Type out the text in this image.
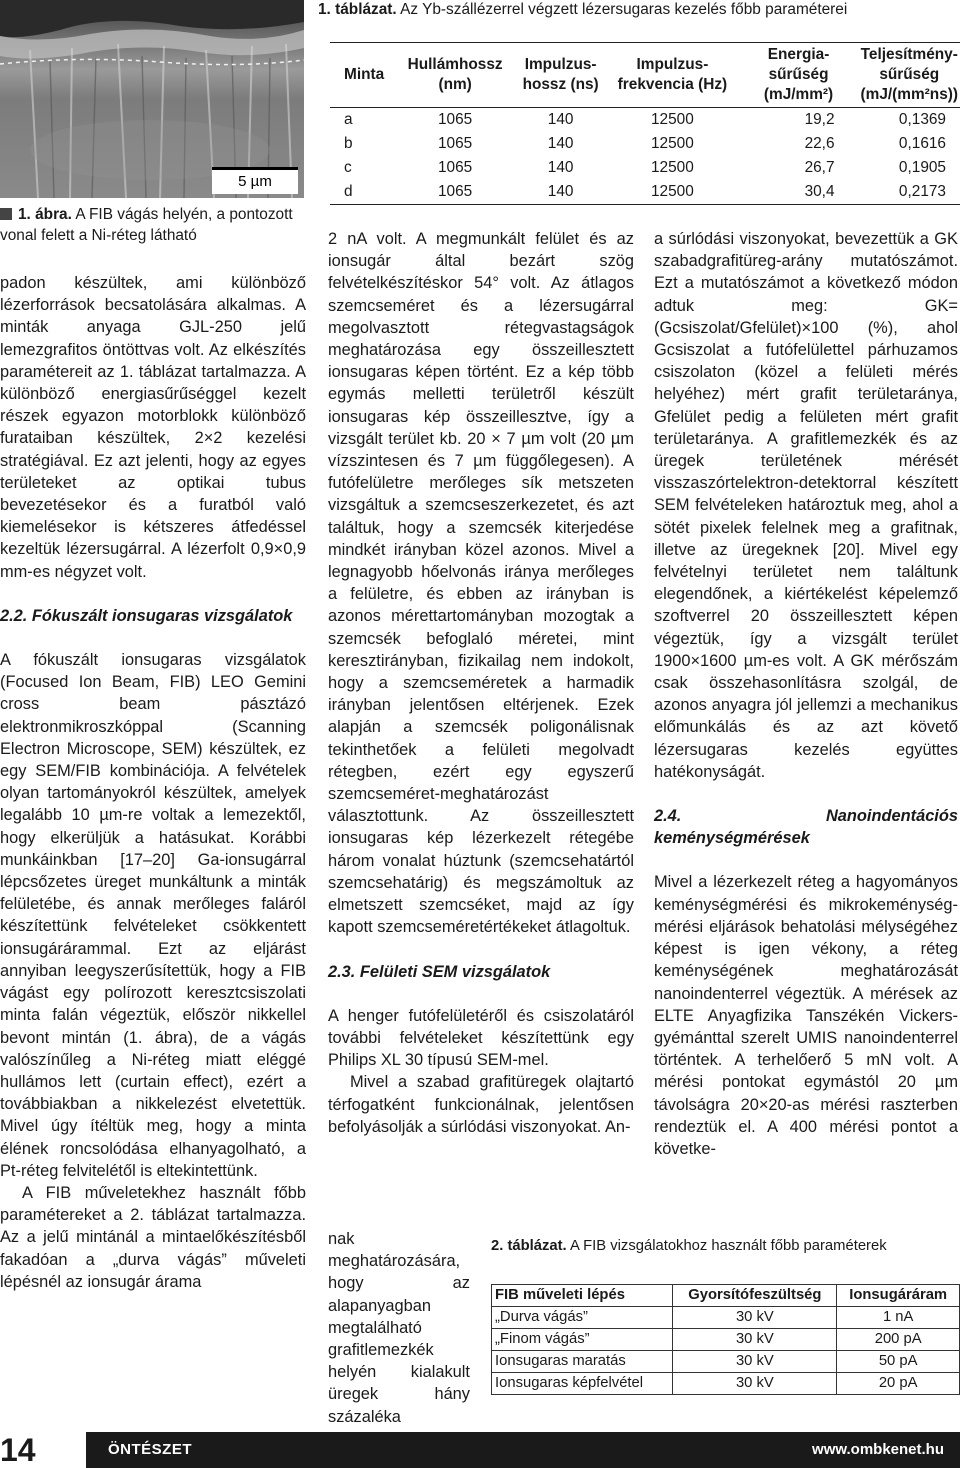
5 µm
1. ábra. A FIB vágás helyén, a pontozott vonal felett a Ni-réteg látható
1. táblázat. Az Yb-szállézerrel végzett lézersugaras kezelés főbb paraméterei
Minta	Hullámhossz (nm)	Impulzus- hossz (ns)	Impulzus- frekvencia (Hz)	Energia- sűrűség (mJ/mm²)	Teljesítmény- sűrűség (mJ/(mm²ns))
a	1065	140	12500	19,2	0,1369
b	1065	140	12500	22,6	0,1616
c	1065	140	12500	26,7	0,1905
d	1065	140	12500	30,4	0,2173

padon készültek, ami különböző lézerforrások becsatolására alkalmas. A minták anyaga GJL-250 jelű lemezgrafitos öntöttvas volt. Az elkészítés paramétereit az 1. táblázat tartalmazza. A különböző energiasűrűséggel kezelt részek egyazon motorblokk különböző furataiban készültek, 2×2 kezelési stratégiával. Ez azt jelenti, hogy az egyes területeket az optikai tubus bevezetésekor és a furatból való kiemelésekor is kétszeres átfedéssel kezeltük lézersugárral. A lézerfolt 0,9×0,9 mm-es négyzet volt.

2.2. Fókuszált ionsugaras vizsgálatok

A fókuszált ionsugaras vizsgálatok (Focused Ion Beam, FIB) LEO Gemini cross beam pásztázó elektronmikroszkóppal (Scanning Electron Microscope, SEM) készültek, ez egy SEM/FIB kombinációja. A felvételek olyan tartományokról készültek, amelyek legalább 10 µm-re voltak a lemezektől, hogy elkerüljük a hatásukat. Korábbi munkáinkban [17–20] Ga-ionsugárral lépcsőzetes üreget munkáltunk a minták felületébe, és annak merőleges faláról készítettünk felvételeket csökkentett ionsugárárammal. Ezt az eljárást annyiban leegyszerűsítettük, hogy a FIB vágást egy polírozott keresztcsiszolati minta falán végeztük, először nikkellel bevont mintán (1. ábra), de a vágás valószínűleg a Ni-réteg miatt eléggé hullámos lett (curtain effect), ezért a továbbiakban a nikkelezést elvetettük. Mivel úgy ítéltük meg, hogy a minta élének roncsolódása elhanyagolható, a Pt-réteg felvitelétől is eltekintettünk.

A FIB műveletekhez használt főbb paramétereket a 2. táblázat tartalmazza. Az a jelű mintánál a mintaelőkészítésből fakadóan a „durva vágás” műveleti lépésnél az ionsugár árama

2 nA volt. A megmunkált felület és az ionsugár által bezárt szög felvételkészítéskor 54° volt. Az átlagos szemcseméret és a lézersugárral megolvasztott rétegvastagságok meghatározása egy összeillesztett ionsugaras képen történt. Ez a kép több egymás melletti területről készült ionsugaras kép összeillesztve, így a vizsgált terület kb. 20 × 7 µm volt (20 µm vízszintesen és 7 µm függőlegesen). A futófelületre merőleges sík metszeten vizsgáltuk a szemcseszerkezetet, és azt találtuk, hogy a szemcsék kiterjedése mindkét irányban közel azonos. Mivel a legnagyobb hőelvonás iránya merőleges a felületre, és ebben az irányban is azonos mérettartományban mozogtak a szemcsék befoglaló méretei, mint keresztirányban, fizikailag nem indokolt, hogy a szemcseméretek a harmadik irányban jelentősen eltérjenek. Ezek alapján a szemcsék poligonálisnak tekinthetőek a felületi megolvadt rétegben, ezért egy egyszerű szemcseméret-meghatározást választottunk. Az összeillesztett ionsugaras kép lézerkezelt rétegébe három vonalat húztunk (szemcsehatártól szemcsehatárig) és megszámoltuk az elmetszett szemcséket, majd az így kapott szemcseméretértékeket átlagoltuk.

2.3. Felületi SEM vizsgálatok

A henger futófelületéről és csiszolatáról további felvételeket készítettünk egy Philips XL 30 típusú SEM-mel.

Mivel a szabad grafitüregek olajtartó térfogatként funkcionálnak, jelentősen befolyásolják a súrlódási viszonyokat. An-

nak meghatározására, hogy az alapanyagban megtalálható grafitlemezkék helyén kialakult üregek hány százaléka

a súrlódási viszonyokat, bevezettük a GK szabadgrafitüreg-arány mutatószámot. Ezt a mutatószámot a következő módon adtuk meg: GK= (Gcsiszolat/Gfelület)×100 (%), ahol Gcsiszolat a futófelülettel párhuzamos csiszolaton (közel a felületi mérés helyéhez) mért grafit területaránya, Gfelület pedig a felületen mért grafit területaránya. A grafitlemezkék és az üregek területének mérését visszaszórtelektron-detektorral készített SEM felvételeken határoztuk meg, ahol a sötét pixelek felelnek meg a grafitnak, illetve az üregeknek [20]. Mivel egy felvételnyi területet nem találtunk elegendőnek, a kiértékelést képelemző szoftverrel 20 összeillesztett képen végeztük, így a vizsgált terület 1900×1600 µm-es volt. A GK mérőszám csak összehasonlításra szolgál, de azonos anyagra jól jellemzi a mechanikus előmunkálás és az azt követő lézersugaras kezelés együttes hatékonyságát.

2.4. Nanoindentációs keménységmérések

Mivel a lézerkezelt réteg a hagyományos keménységmérési és mikrokeménység-mérési eljárások behatolási mélységéhez képest is igen vékony, a réteg keménységének meghatározását nanoindenterrel végeztük. A mérések az ELTE Anyagfizika Tanszékén Vickers-gyémánttal szerelt UMIS nanoindenterrel történtek. A terhelőerő 5 mN volt. A mérési pontokat egymástól 20 µm távolságra 20×20-as mérési raszterben rendeztük el. A 400 mérési pontot a követke-

2. táblázat. A FIB vizsgálatokhoz használt főbb paraméterek
FIB műveleti lépés	Gyorsítófeszültség	Ionsugáráram
„Durva vágás”	30 kV	1 nA
„Finom vágás”	30 kV	200 pA
Ionsugaras maratás	30 kV	50 pA
Ionsugaras képfelvétel	30 kV	20 pA
14	ÖNTÉSZET	www.ombkenet.hu
